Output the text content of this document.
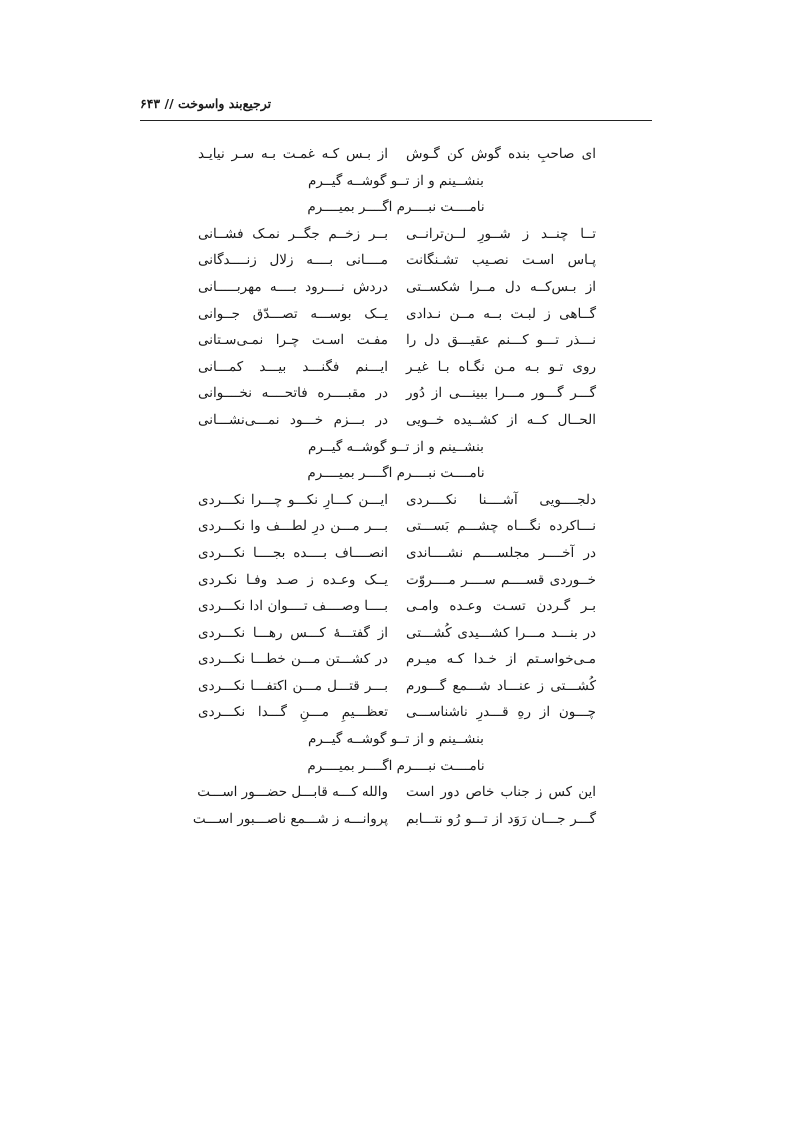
ترجیع‌بند واسوخت // ۶۴۳
ای صاحبِ بنده گوش کن گـوش
از بـس کـه غمـت بـه سـر نیایـد
بنشــینم و از تــو گوشــه گیــرم
نامــــت نبــــرم اگــــر بمیــــرم
تــا چنــد ز شــورِ لــن‌ترانــی
بــر زخــم جگــر نمـک فشــانی
پـاس اسـت نصـیب تشـنگانت
مــــانی بــــه زلال زنــــدگانی
از بـس‌کــه دل مــرا شکســتی
دردش نــــرود بــــه مهربـــــانی
گــاهی ز لبـت بــه مــن نـدادی
یــک بوســـه تصـــدّق جــوانی
نـــذر تـــو کـــنم عقیـــق دل را
مفـت اسـت چـرا نمـی‌سـتانی
روی تـو بـه مـن نگـاه بـا غیـر
ایـــنم فگنـــد بیـــد کمـــانی
گـــر گـــور مـــرا ببینـــی از دُور
در مقبــــره فاتحــــه نخــــوانی
الحــال کــه از کشــیده خــویی
در بـــزم خـــود نمـــی‌نشـــانی
بنشــینم و از تــو گوشــه گیــرم
نامــــت نبــــرم اگــــر بمیــــرم
دلجــــویی آشــــنا نکــــردی
ایـــن کـــارِ نکـــو چـــرا نکـــردی
نـــاکرده نگـــاه چشـــم بَســـتی
بـــر مـــن درِ لطـــف وا نکـــردی
در آخــــر مجلســــم نشــــاندی
انصــــاف بــــده بجــــا نکـــردی
خــوردی قســــم ســــر مــــروّت
یــک وعـده ز صـد وفـا نکـردی
بـر گـردن تسـت وعـده وامـی
بــــا وصــــف تــــوان ادا نکـــردی
در بنـــد مـــرا کشـــیدی کُشـــتی
از گفتـــهٔ کـــس رهـــا نکـــردی
مـی‌خواسـتم از خـدا کـه میـرم
در کشـــتن مـــن خطـــا نکـــردی
کُشـــتی ز عنـــاد شـــمع گـــورم
بـــر قتـــل مـــن اکتفـــا نکـــردی
چـــون از رهِ قـــدرِ ناشناســـی
تعظـــیمِ مـــنِ گـــدا نکـــردی
بنشــینم و از تــو گوشــه گیــرم
نامــــت نبــــرم اگــــر بمیــــرم
این کس ز جناب خاص دور است
والله کـــه قابـــل حضـــور اســـت
گـــر جـــان رَوَد از تـــو رُو نتـــابم
پروانـــه ز شـــمع ناصـــبور اســـت
